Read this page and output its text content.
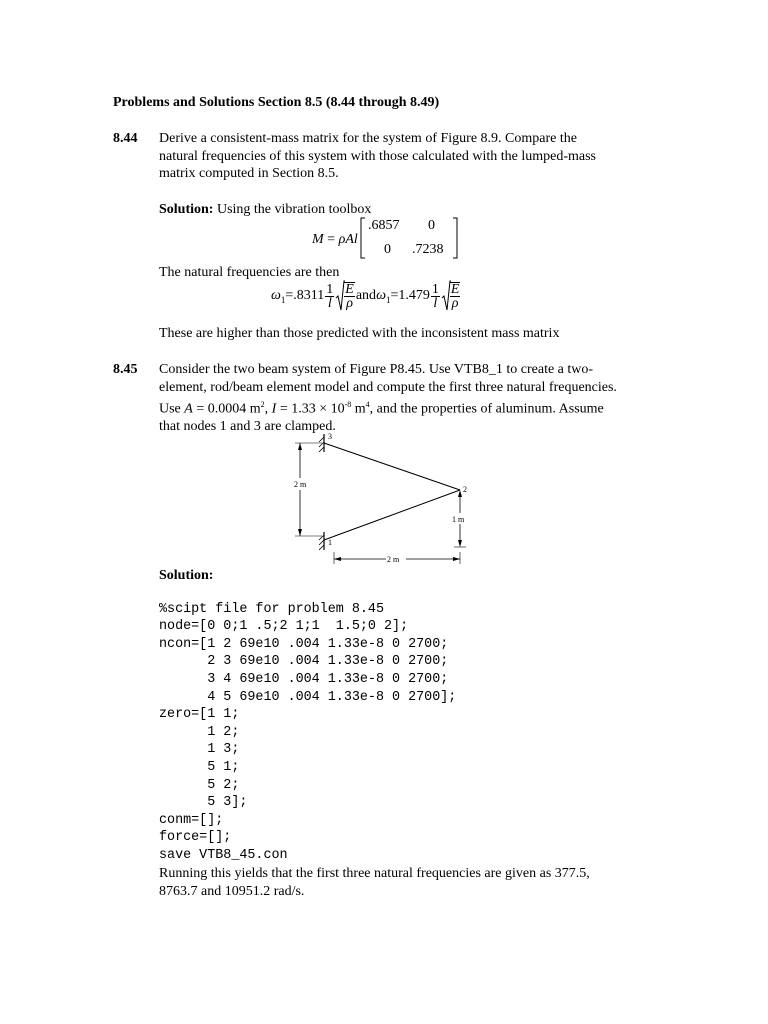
Problems and Solutions Section 8.5 (8.44 through 8.49)
8.44 Derive a consistent-mass matrix for the system of Figure 8.9. Compare the
natural frequencies of this system with those calculated with the lumped-mass
matrix computed in Section 8.5.
Solution: Using the vibration toolbox
M = ρAl
.6857 0
0 .7238
The natural frequencies are then
ω $1 = .8311 \frac{1}{l} \frac{E}{\rho}$ and ω $1 = 1.479 \frac{1}{l} \frac{E}{\rho}$
These are higher than those predicted with the inconsistent mass matrix
8.45 Consider the two beam system of Figure P8.45. Use VTB8_1 to create a two-
element, rod/beam element model and compute the first three natural frequencies.
Use A = 0.0004 $m^2$, $I = 1.33 \times 10^{-8}$ $m^4$, and the properties of aluminum. Assume
that nodes 1 and 3 are clamped.
3
1
2
2 m
1 m
2 m
Solution:

%scipt file for problem 8.45
node=[0 0;1 .5;2 1;1  1.5;0 2];
ncon=[1 2 69e10 .004 1.33e-8 0 2700;
2 3 69e10 .004 1.33e-8 0 2700;
3 4 69e10 .004 1.33e-8 0 2700;
4 5 69e10 .004 1.33e-8 0 2700];
zero=[1 1;
1 2;
1 3;
5 1;
5 2;
5 3];
conm=[];
force=[];
save VTB8_45.con

Running this yields that the first three natural frequencies are given as 377.5,
8763.7 and 10951.2 rad/s.
